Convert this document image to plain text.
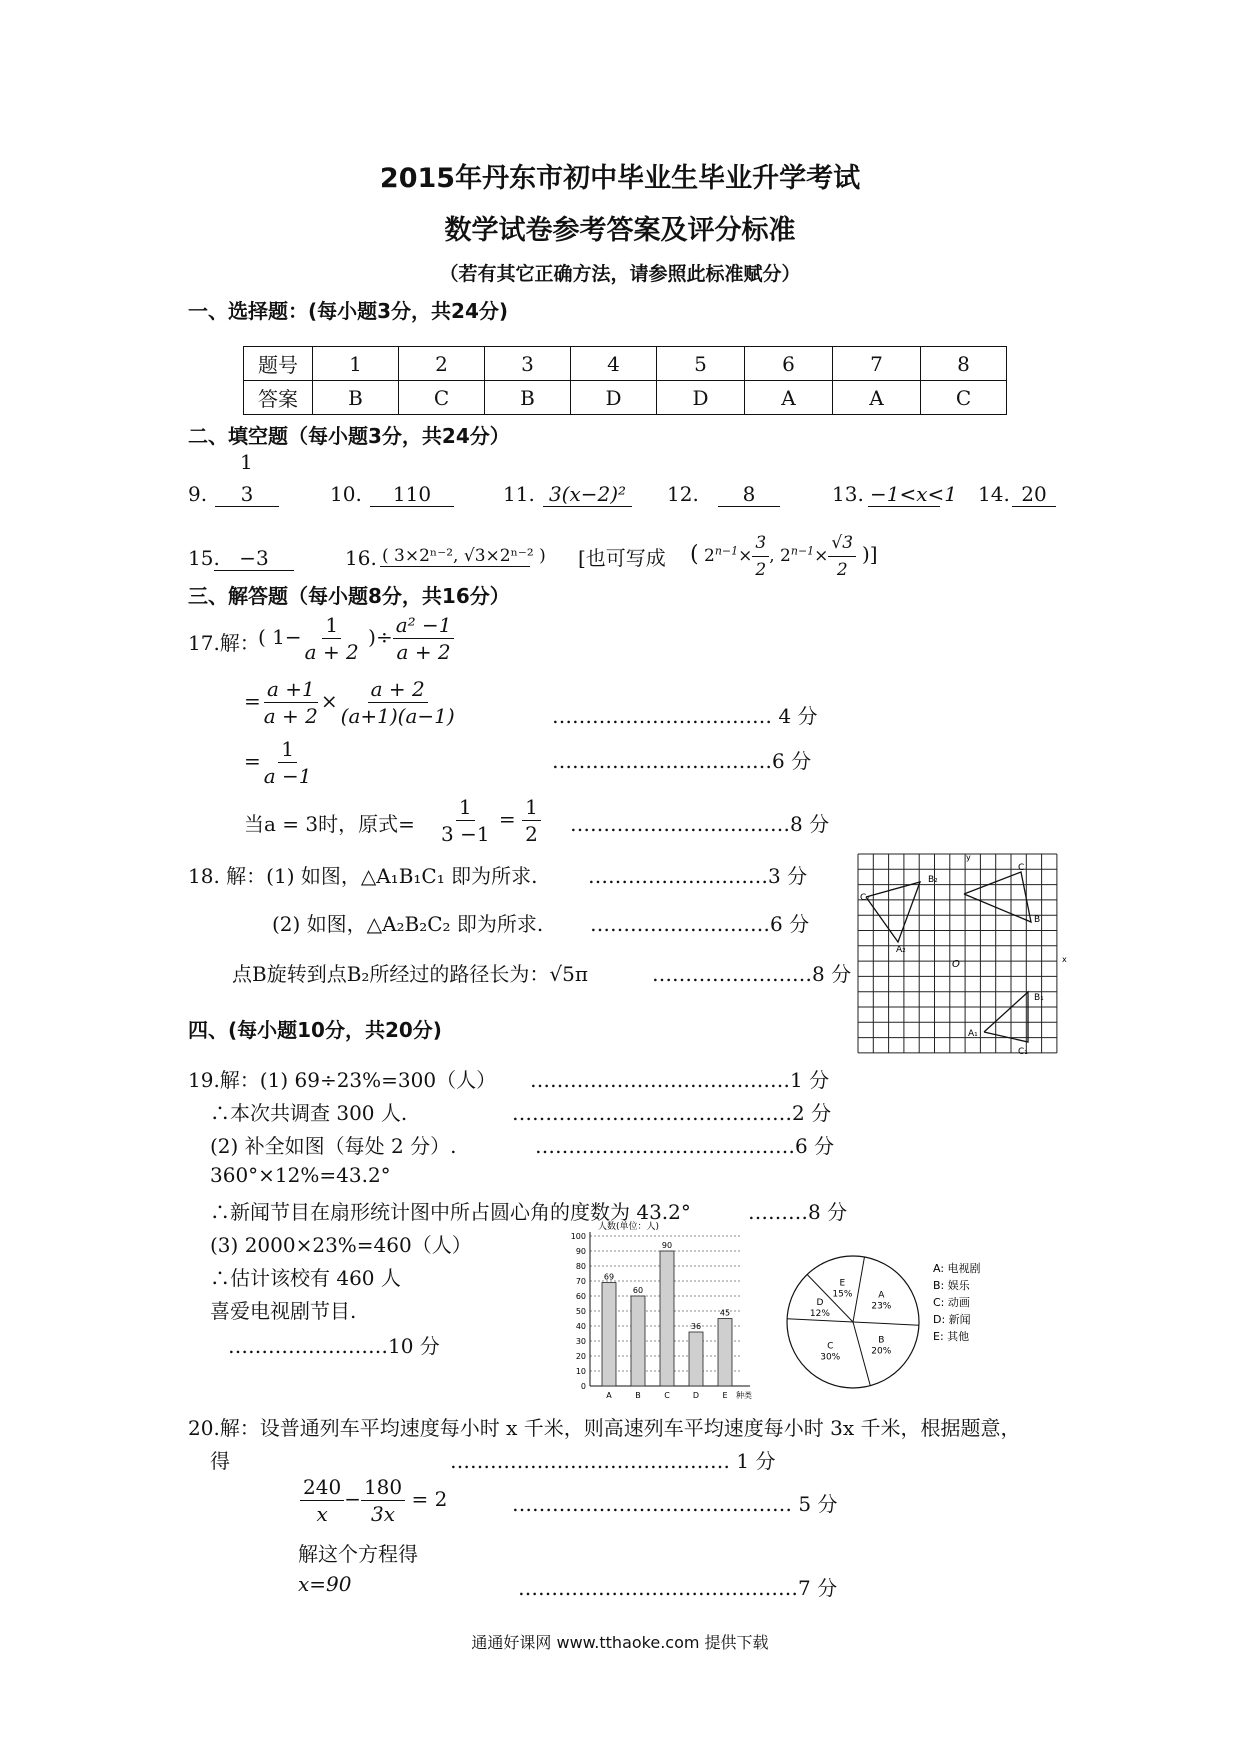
2015年丹东市初中毕业生毕业升学考试
数学试卷参考答案及评分标准
（若有其它正确方法，请参照此标准赋分）
一、选择题：(每小题3分，共24分)
题号	1	2	3	4	5	6	7	8
答案	B	C	B	D	D	A	A	C
二、填空题（每小题3分，共24分）
9.
1
3	10.	110	11. 3(x−2)² 12.	8	13. −1<x<1 14. 20
15. −3	16. ( 3×2ⁿ⁻², √3×2ⁿ⁻² ) [也可写成 ( $2^{n-1}\times \frac{3}{2}$ , $2^{n-1}\times \frac{√3}{2}$ )]
三、解答题（每小题8分，共16分）
17.解：
( $1- \frac{1}{a + 2}$ )÷ $\frac{\text{a² −1}}{a + 2}$
= $\frac{a +1}{a + 2} \times \frac{a + 2}{(a+1)(a-1)}$	…………………………… 4 分
= $\frac{1}{a -1}$	……………………………6 分
当a = 3时，原式= $\frac{1}{3 -1} = \frac{1}{2}$ ……………………………8 分
18. 解：(1) 如图，△A₁B₁C₁ 即为所求.	………………………3 分
(2) 如图，△A₂B₂C₂ 即为所求. ………………………6 分
点B旋转到点B₂所经过的路径长为：√5π	……………………8 分
B₂
C
C₂
B
A₂
O
B₁
A₁
C₁
y
x
四、(每小题10分，共20分)
19.解：(1) 69÷23%=300（人） …………………………………1 分
∴本次共调查 300 人.	……………………………………2 分
(2) 补全如图（每处 2 分）.	…………………………………6 分
360°×12%=43.2°
∴新闻节目在扇形统计图中所占圆心角的度数为 43.2°	………8 分
(3) 2000×23%=460（人）
∴估计该校有 460 人
喜爱电视剧节目.
……………………10 分
人数(单位：人)
0
10
20
30
40
50
60
70
80
90
100
69
60
90
36
45
A	B	C	D	E 种类
A
23%
B
20%
C
30%
D
12%
E
15%
A: 电视剧
B: 娱乐
C: 动画
D: 新闻
E: 其他
20.解：设普通列车平均速度每小时 x 千米，则高速列车平均速度每小时 3x 千米，根据题意，
得	…………………………………… 1 分
$\frac{240}{x} - \frac{180}{3x} = 2$	…………………………………… 5 分
解这个方程得
x=90	……………………………………7 分
通通好课网 www.tthaoke.com 提供下载
